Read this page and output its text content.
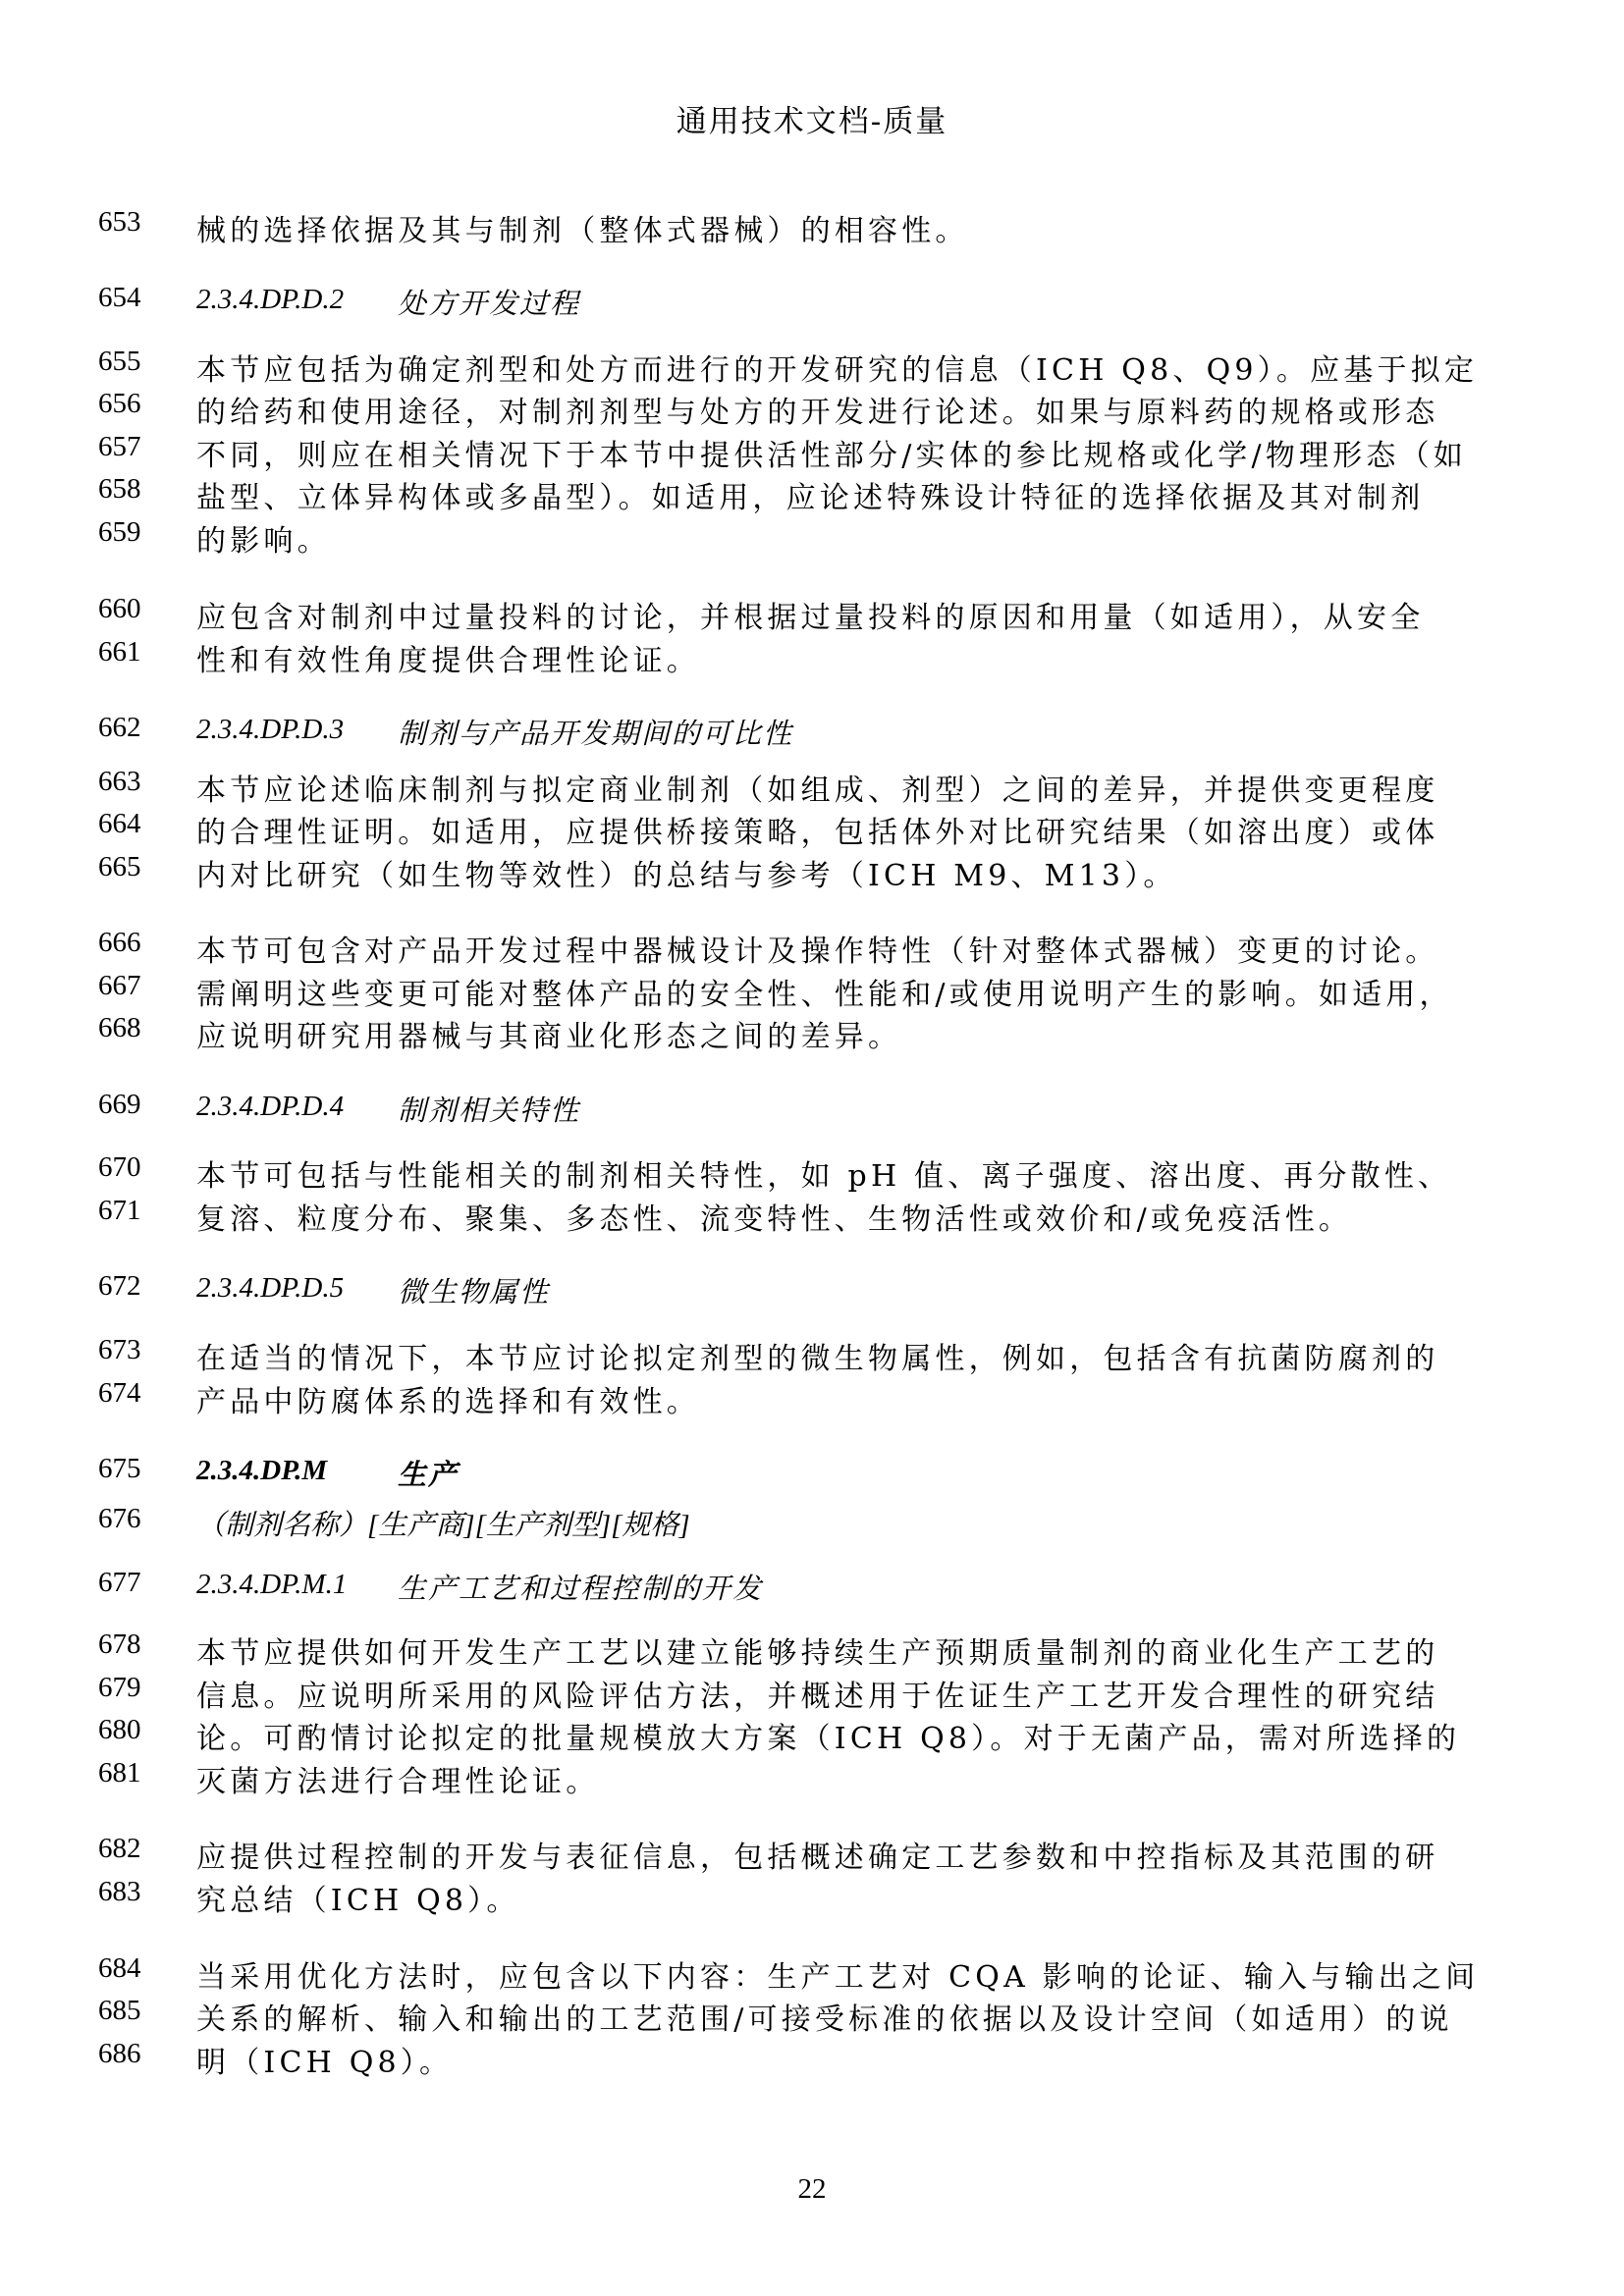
通用技术文档-质量
653	械的选择依据及其与制剂（整体式器械）的相容性。
654	2.3.4.DP.D.2 处方开发过程
655	本节应包括为确定剂型和处方而进行的开发研究的信息（ICH Q8、Q9）。应基于拟定
656	的给药和使用途径，对制剂剂型与处方的开发进行论述。如果与原料药的规格或形态
657	不同，则应在相关情况下于本节中提供活性部分/实体的参比规格或化学/物理形态（如
658	盐型、立体异构体或多晶型）。如适用，应论述特殊设计特征的选择依据及其对制剂
659	的影响。
660	应包含对制剂中过量投料的讨论，并根据过量投料的原因和用量（如适用），从安全
661	性和有效性角度提供合理性论证。
662	2.3.4.DP.D.3 制剂与产品开发期间的可比性
663	本节应论述临床制剂与拟定商业制剂（如组成、剂型）之间的差异，并提供变更程度
664	的合理性证明。如适用，应提供桥接策略，包括体外对比研究结果（如溶出度）或体
665	内对比研究（如生物等效性）的总结与参考（ICH M9、M13）。
666	本节可包含对产品开发过程中器械设计及操作特性（针对整体式器械）变更的讨论。
667	需阐明这些变更可能对整体产品的安全性、性能和/或使用说明产生的影响。如适用，
668	应说明研究用器械与其商业化形态之间的差异。
669	2.3.4.DP.D.4 制剂相关特性
670	本节可包括与性能相关的制剂相关特性，如 pH 值、离子强度、溶出度、再分散性、
671	复溶、粒度分布、聚集、多态性、流变特性、生物活性或效价和/或免疫活性。
672	2.3.4.DP.D.5 微生物属性
673	在适当的情况下，本节应讨论拟定剂型的微生物属性，例如，包括含有抗菌防腐剂的
674	产品中防腐体系的选择和有效性。
675	2.3.4.DP.M 生产
676	（制剂名称）[生产商][生产剂型][规格]
677	2.3.4.DP.M.1 生产工艺和过程控制的开发
678	本节应提供如何开发生产工艺以建立能够持续生产预期质量制剂的商业化生产工艺的
679	信息。应说明所采用的风险评估方法，并概述用于佐证生产工艺开发合理性的研究结
680	论。可酌情讨论拟定的批量规模放大方案（ICH Q8）。对于无菌产品，需对所选择的
681	灭菌方法进行合理性论证。
682	应提供过程控制的开发与表征信息，包括概述确定工艺参数和中控指标及其范围的研
683	究总结（ICH Q8）。
684	当采用优化方法时，应包含以下内容：生产工艺对 CQA 影响的论证、输入与输出之间
685	关系的解析、输入和输出的工艺范围/可接受标准的依据以及设计空间（如适用）的说
686	明（ICH Q8）。
22
